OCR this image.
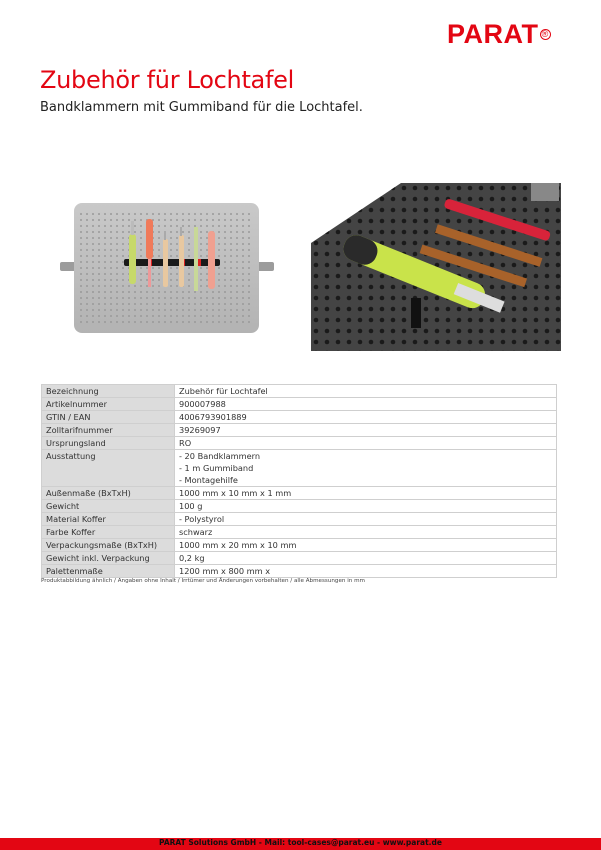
PARAT ®
Zubehör für Lochtafel
Bandklammern mit Gummiband für die Lochtafel.
Bezeichnung	Zubehör für Lochtafel

Artikelnummer	900007988

GTIN / EAN	4006793901889

Zolltarifnummer	39269097

Ursprungsland	RO

Ausstattung	- 20 Bandklammern
- 1 m Gummiband
- Montagehilfe

Außenmaße (BxTxH)	1000 mm x 10 mm x 1 mm

Gewicht	100 g

Material Koffer	- Polystyrol

Farbe Koffer	schwarz

Verpackungsmaße (BxTxH)	1000 mm x 20 mm x 10 mm

Gewicht inkl. Verpackung	0,2 kg

Palettenmaße	1200 mm x 800 mm x
Produktabbildung ähnlich / Angaben ohne Inhalt / Irrtümer und Änderungen vorbehalten / alle Abmessungen in mm
PARAT Solutions GmbH - Mail: tool-cases@parat.eu - www.parat.de
